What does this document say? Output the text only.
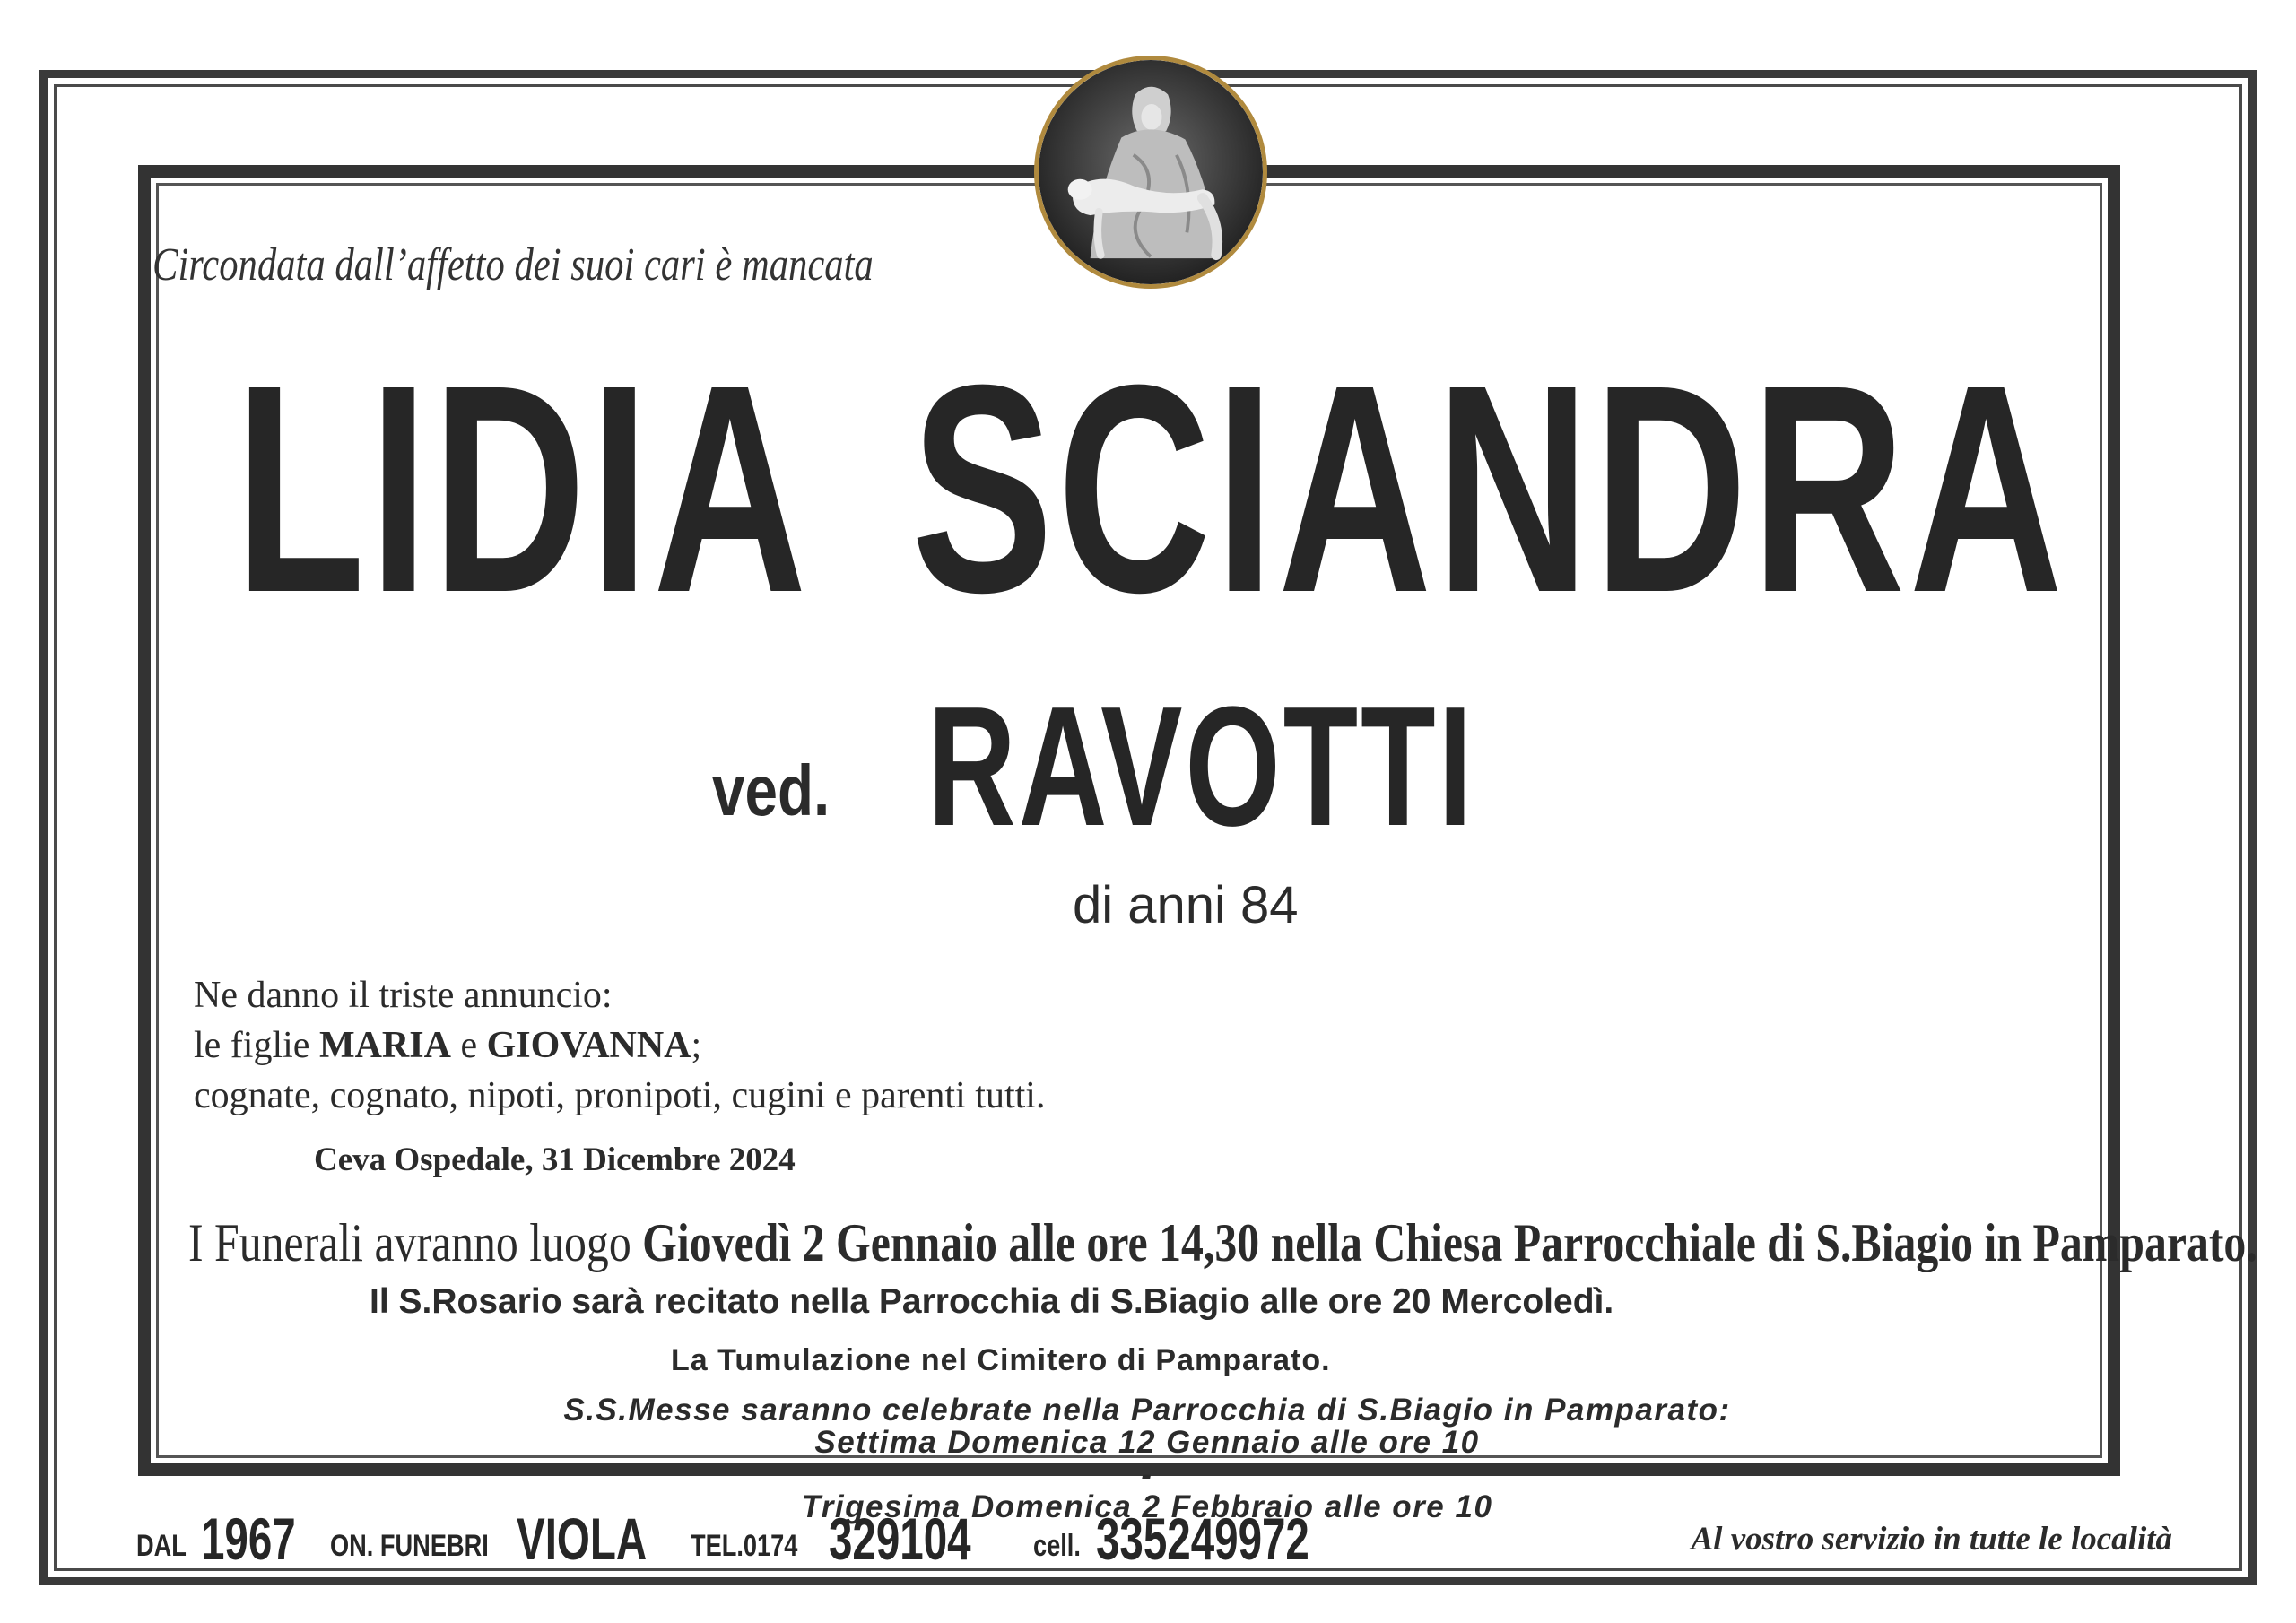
Circondata dall’affetto dei suoi cari è mancata

LIDIA SCIANDRA

ved. RAVOTTI

di anni 84

Ne danno il triste annuncio:
le figlie MARIA e GIOVANNA;
cognate, cognato, nipoti, pronipoti, cugini e parenti tutti.

Ceva Ospedale, 31 Dicembre 2024

I Funerali avranno luogo Giovedì 2 Gennaio alle ore 14,30 nella Chiesa Parrocchiale di S.Biagio in Pamparato.

Il S.Rosario sarà recitato nella Parrocchia di S.Biagio alle ore 20 Mercoledì.

La Tumulazione nel Cimitero di Pamparato.

S.S.Messe saranno celebrate nella Parrocchia di S.Biagio in Pamparato:
Settima Domenica 12 Gennaio alle ore 10
-
Trigesima Domenica 2 Febbraio alle ore 10
DAL 1967 ON. FUNEBRI VIOLA TEL.0174 329104 cell. 335249972	Al vostro servizio in tutte le località
